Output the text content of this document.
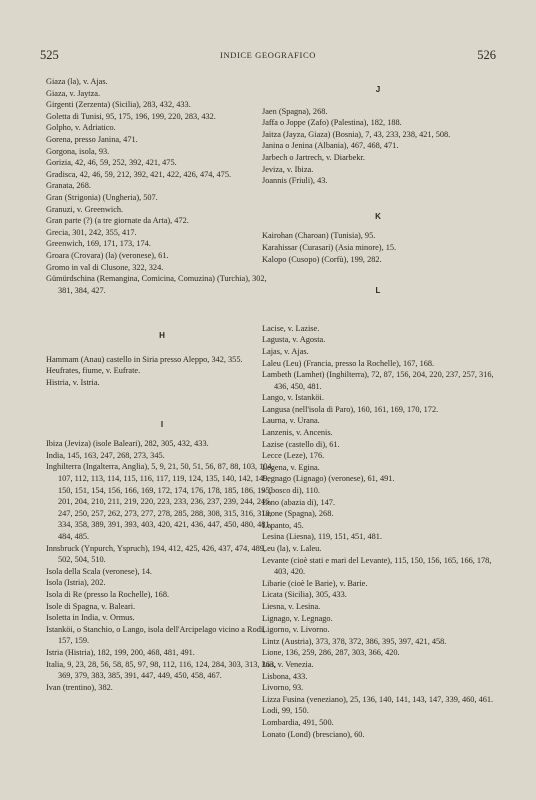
525	INDICE GEOGRAFICO	526

Giaza (la), v. Ajas.

Giaza, v. Jaytza.

Girgenti (Zerzenta) (Sicilia), 283, 432, 433.

Goletta di Tunisi, 95, 175, 196, 199, 220, 283, 432.

Golpho, v. Adriatico.

Gorena, presso Janina, 471.

Gorgona, isola, 93.

Gorizia, 42, 46, 59, 252, 392, 421, 475.

Gradisca, 42, 46, 59, 212, 392, 421, 422, 426, 474, 475.

Granata, 268.

Gran (Strigonia) (Ungheria), 507.

Granuzi, v. Greenwich.

Gran parte (?) (a tre giornate da Arta), 472.

Grecia, 301, 242, 355, 417.

Greenwich, 169, 171, 173, 174.

Groara (Crovara) (la) (veronese), 61.

Gromo in val di Clusone, 322, 324.

Gümürdschina (Remangina, Comicina, Comuzina) (Turchia), 302, 381, 384, 427.

H

Hammam (Anau) castello in Siria presso Aleppo, 342, 355.

Heufrates, fiume, v. Eufrate.

Histria, v. Istria.

I

Ibiza (Jeviza) (isole Baleari), 282, 305, 432, 433.

India, 145, 163, 247, 268, 273, 345.

Inghilterra (Ingalterra, Anglia), 5, 9, 21, 50, 51, 56, 87, 88, 103, 104, 107, 112, 113, 114, 115, 116, 117, 119, 124, 135, 140, 142, 149, 150, 151, 154, 156, 166, 169, 172, 174, 176, 178, 185, 186, 195, 201, 204, 210, 211, 219, 220, 223, 233, 236, 237, 239, 244, 246, 247, 250, 257, 262, 273, 277, 278, 285, 288, 308, 315, 316, 318, 334, 358, 389, 391, 393, 403, 420, 421, 436, 447, 450, 480, 481, 484, 485.

Innsbruck (Ynpurch, Yspruch), 194, 412, 425, 426, 437, 474, 489, 502, 504, 510.

Isola della Scala (veronese), 14.

Isola (Istria), 202.

Isola di Re (presso la Rochelle), 168.

Isole di Spagna, v. Baleari.

Isoletta in India, v. Ormus.

Istanköi, o Stanchio, o Lango, isola dell'Arcipelago vicino a Rodi, 157, 159.

Istria (Histria), 182, 199, 200, 468, 481, 491.

Italia, 9, 23, 28, 56, 58, 85, 97, 98, 112, 116, 124, 284, 303, 313, 363, 369, 379, 383, 385, 391, 447, 449, 450, 458, 467.

Ivan (trentino), 382.

J

Jaen (Spagna), 268.

Jaffa o Joppe (Zafo) (Palestina), 182, 188.

Jaitza (Jayza, Giaza) (Bosnia), 7, 43, 233, 238, 421, 508.

Janina o Jenina (Albania), 467, 468, 471.

Jarbech o Jartrech, v. Diarbekr.

Jeviza, v. Ibiza.

Joannis (Friuli), 43.

K

Kairohan (Charoan) (Tunisia), 95.

Karahissar (Curasari) (Asia minore), 15.

Kalopo (Cusopo) (Corfù), 199, 282.

L

Lacise, v. Lazise.

Lagusta, v. Agosta.

Lajas, v. Ajas.

Laleu (Leu) (Francia, presso la Rochelle), 167, 168.

Lambeth (Lamhet) (Inghilterra), 72, 87, 156, 204, 220, 237, 257, 316, 436, 450, 481.

Lango, v. Istanköi.

Langusa (nell'isola di Paro), 160, 161, 169, 170, 172.

Laurna, v. Urana.

Lanzenis, v. Ancenis.

Lazise (castello di), 61.

Lecce (Leze), 176.

Legena, v. Egina.

Legnago (Lignago) (veronese), 61, 491.

» (bosco di), 110.

Leno (abazia di), 147.

Leone (Spagna), 268.

Lepanto, 45.

Lesina (Liesna), 119, 151, 451, 481.

Leu (la), v. Laleu.

Levante (cioè stati e mari del Levante), 115, 150, 156, 165, 166, 178, 403, 420.

Libarie (cioè le Barie), v. Barie.

Licata (Sicilia), 305, 433.

Liesna, v. Lesina.

Lignago, v. Legnago.

Ligorno, v. Livorno.

Lintz (Austria), 373, 378, 372, 386, 395, 397, 421, 458.

Lione, 136, 259, 286, 287, 303, 366, 420.

Lio, v. Venezia.

Lisbona, 433.

Livorno, 93.

Lizza Fusina (veneziano), 25, 136, 140, 141, 143, 147, 339, 460, 461.

Lodi, 99, 150.

Lombardia, 491, 500.

Lonato (Lond) (bresciano), 60.
